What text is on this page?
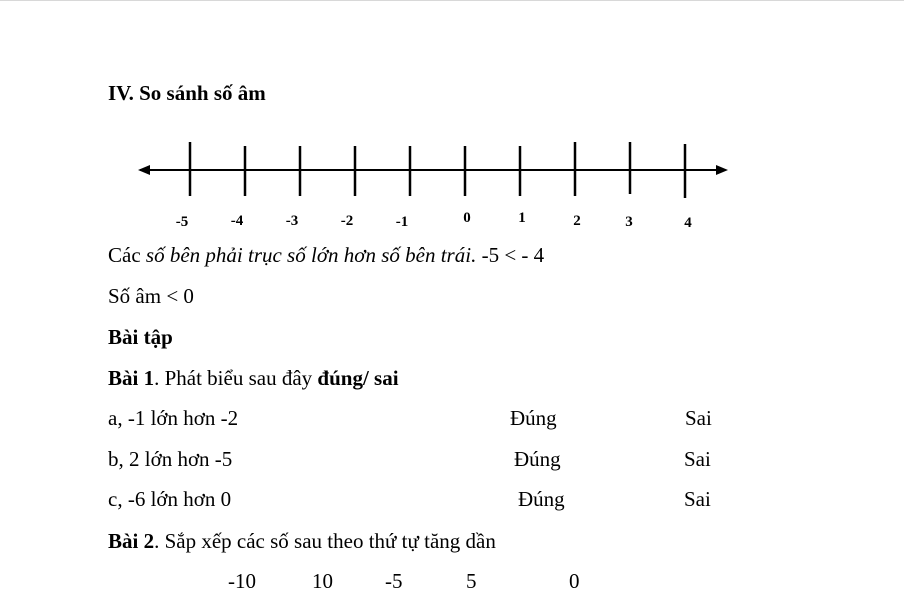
IV. So sánh số âm
-5	-4	-3	-2	-1	0	1	2	3	4
Các số bên phải trục số lớn hơn số bên trái. -5 < - 4
Số âm < 0
Bài tập
Bài 1. Phát biểu sau đây đúng/ sai
a, -1 lớn hơn -2	Đúng	Sai
b, 2 lớn hơn -5	Đúng	Sai
c, -6 lớn hơn 0	Đúng	Sai
Bài 2. Sắp xếp các số sau theo thứ tự tăng dần
-10	10 -5	5	0
